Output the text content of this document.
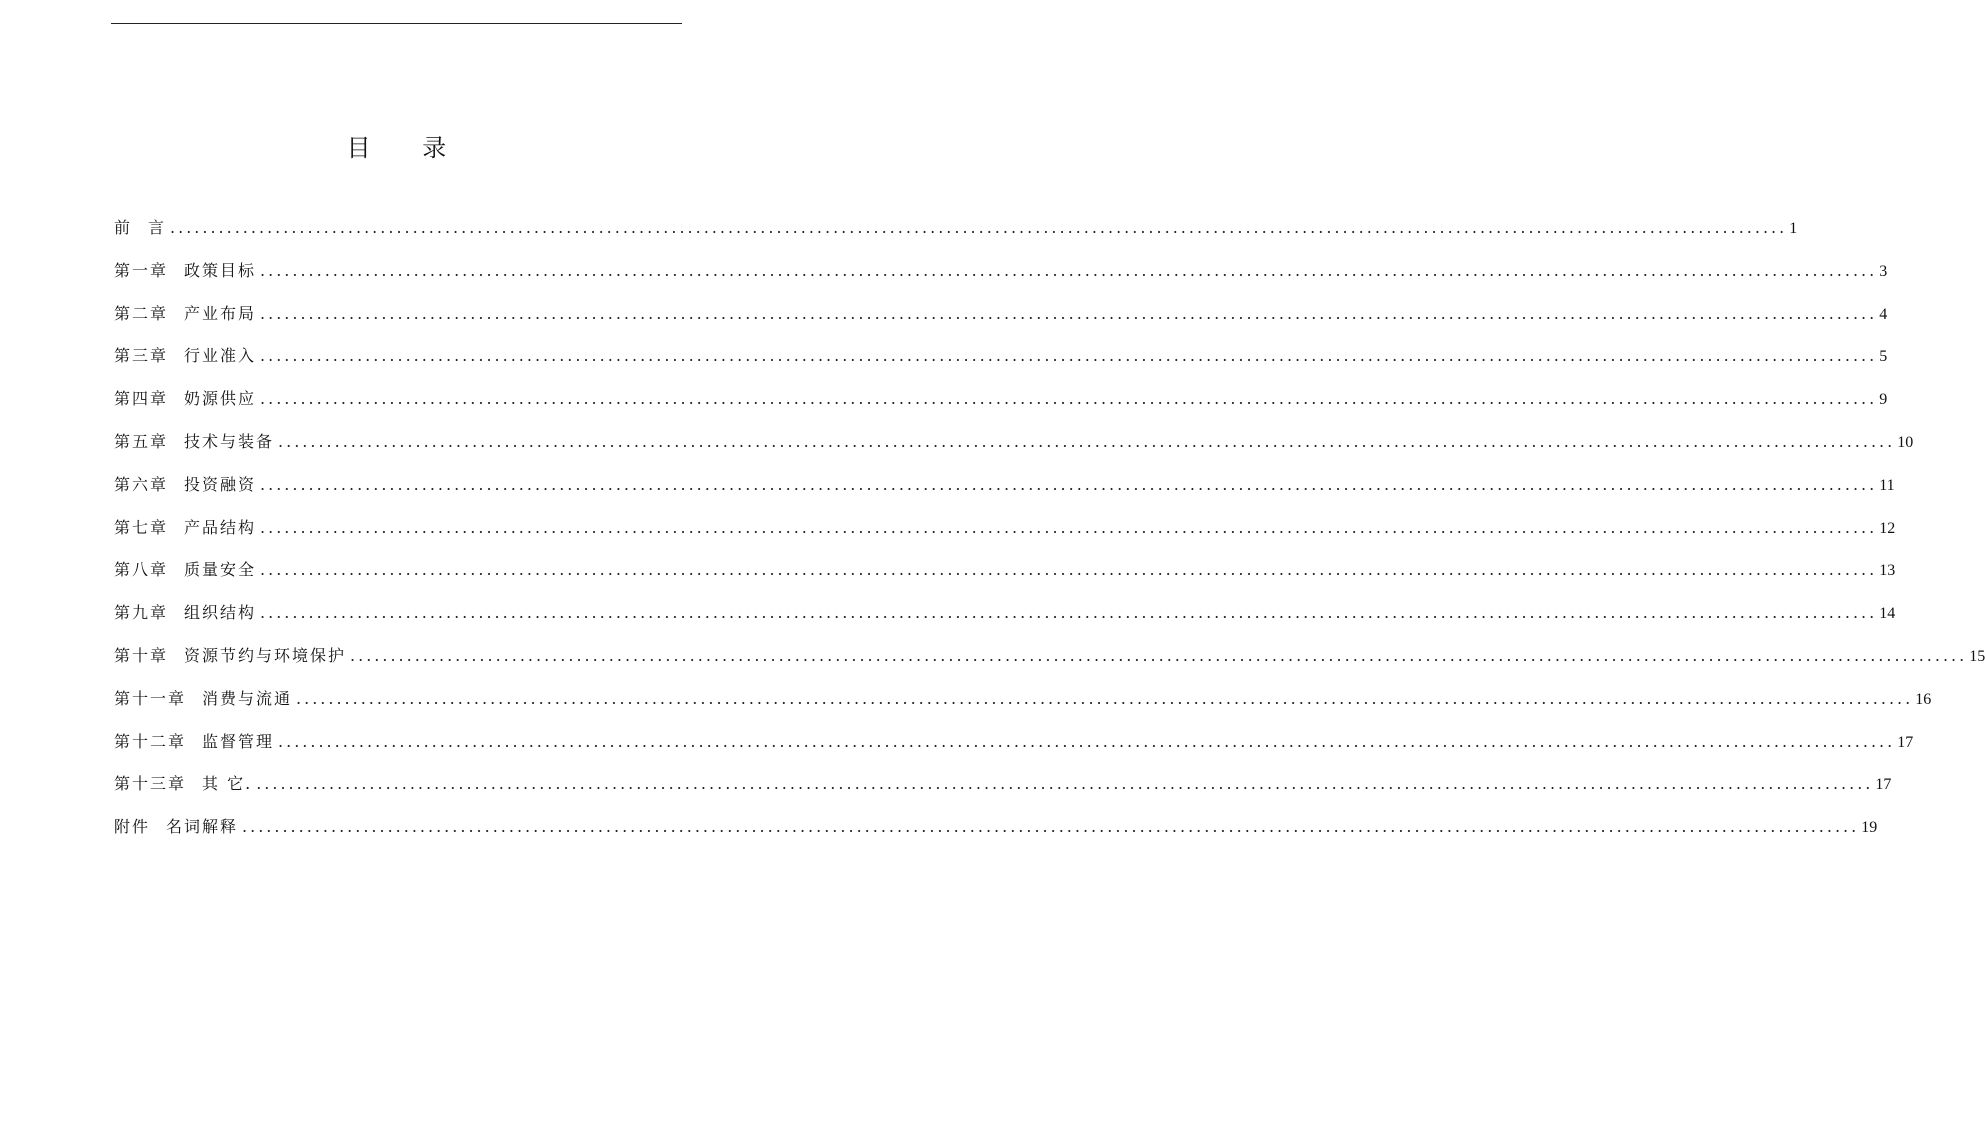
目 录
前 言 ........................................................................................................................................................................................................ 1
第一章 政策目标 ........................................................................................................................................................................................................ 3
第二章 产业布局 ........................................................................................................................................................................................................ 4
第三章 行业准入 ........................................................................................................................................................................................................ 5
第四章 奶源供应 ........................................................................................................................................................................................................ 9
第五章 技术与装备 ........................................................................................................................................................................................................ 10
第六章 投资融资 ........................................................................................................................................................................................................ 11
第七章 产品结构 ........................................................................................................................................................................................................ 12
第八章 质量安全 ........................................................................................................................................................................................................ 13
第九章 组织结构 ........................................................................................................................................................................................................ 14
第十章 资源节约与环境保护 ........................................................................................................................................................................................................ 15
第十一章 消费与流通 ........................................................................................................................................................................................................ 16
第十二章 监督管理 ........................................................................................................................................................................................................ 17
第十三章 其 它. ........................................................................................................................................................................................................ 17
附件 名词解释 ........................................................................................................................................................................................................ 19
